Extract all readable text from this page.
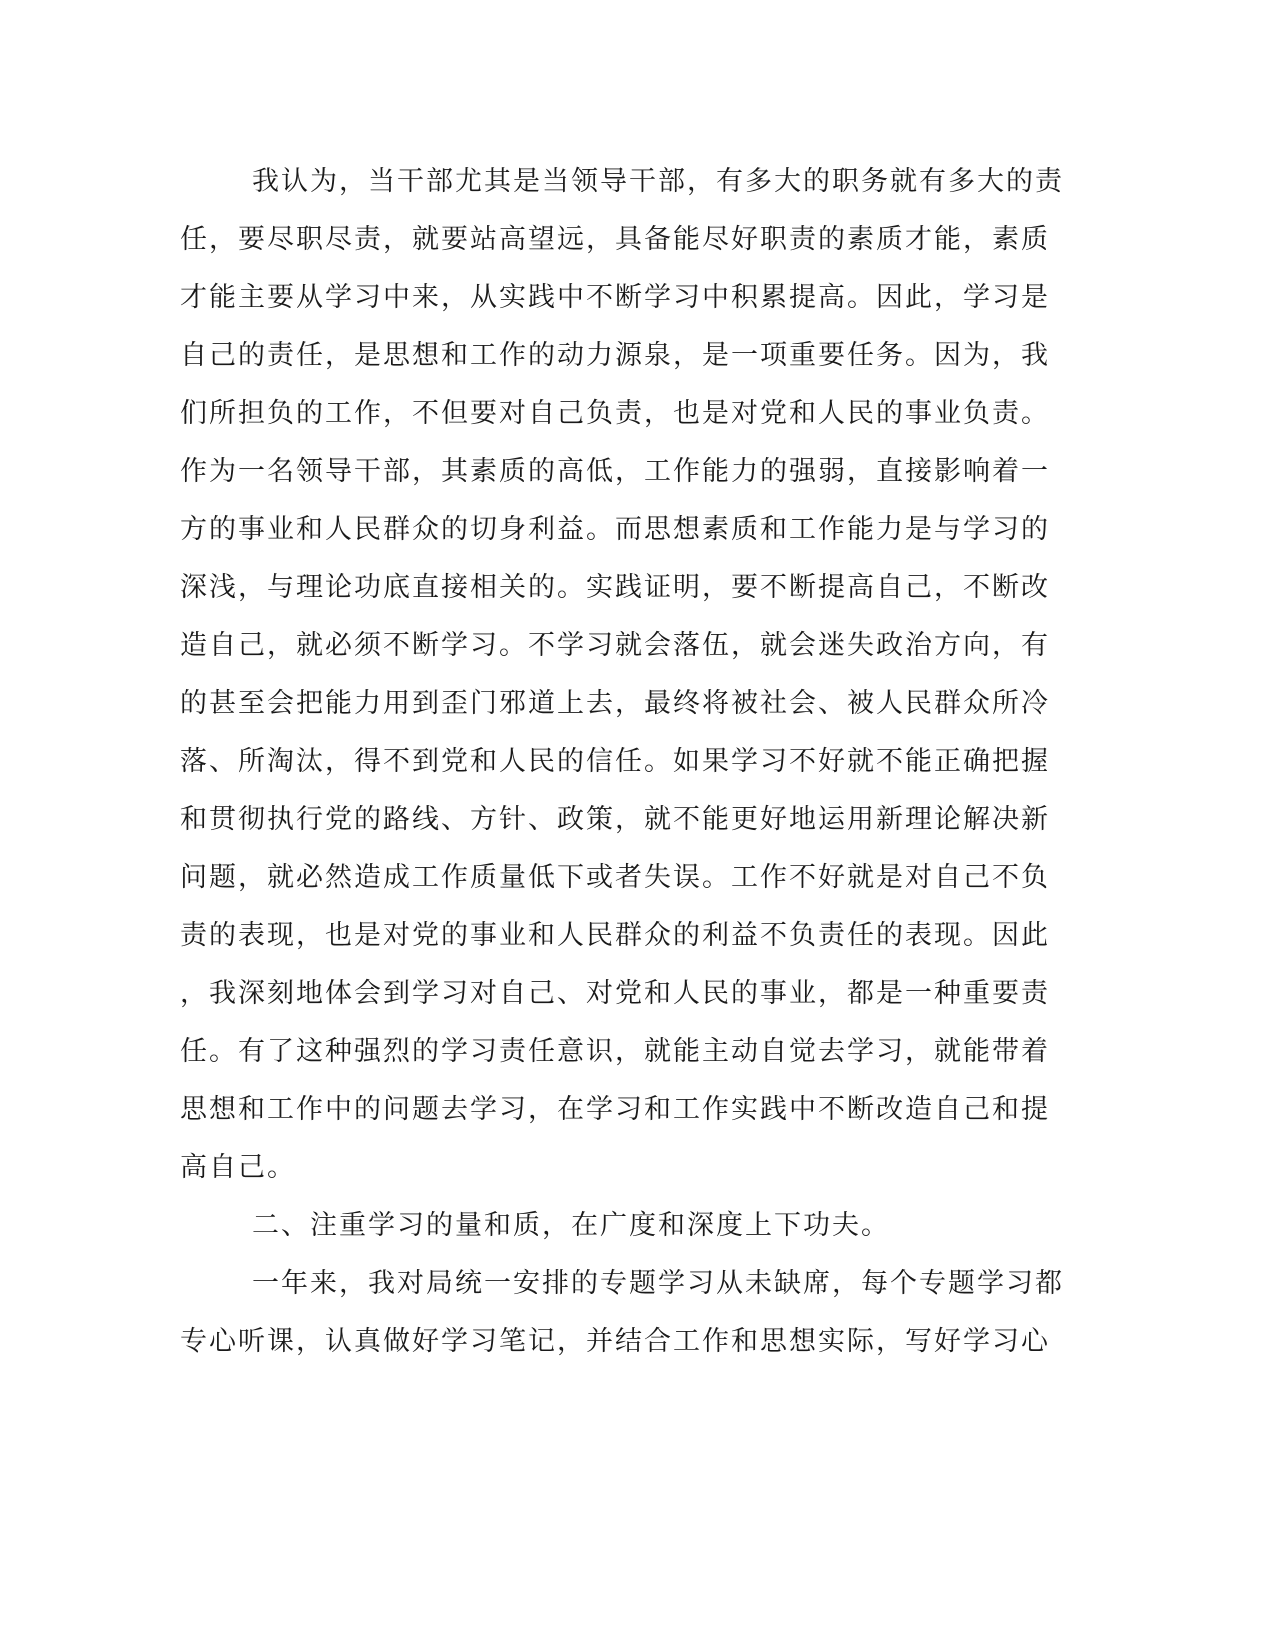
我认为，当干部尤其是当领导干部，有多大的职务就有多大的责
任，要尽职尽责，就要站高望远，具备能尽好职责的素质才能，素质
才能主要从学习中来，从实践中不断学习中积累提高。因此，学习是
自己的责任，是思想和工作的动力源泉，是一项重要任务。因为，我
们所担负的工作，不但要对自己负责，也是对党和人民的事业负责。
作为一名领导干部，其素质的高低，工作能力的强弱，直接影响着一
方的事业和人民群众的切身利益。而思想素质和工作能力是与学习的
深浅，与理论功底直接相关的。实践证明，要不断提高自己，不断改
造自己，就必须不断学习。不学习就会落伍，就会迷失政治方向，有
的甚至会把能力用到歪门邪道上去，最终将被社会、被人民群众所冷
落、所淘汰，得不到党和人民的信任。如果学习不好就不能正确把握
和贯彻执行党的路线、方针、政策，就不能更好地运用新理论解决新
问题，就必然造成工作质量低下或者失误。工作不好就是对自己不负
责的表现，也是对党的事业和人民群众的利益不负责任的表现。因此
，我深刻地体会到学习对自己、对党和人民的事业，都是一种重要责
任。有了这种强烈的学习责任意识，就能主动自觉去学习，就能带着
思想和工作中的问题去学习，在学习和工作实践中不断改造自己和提
高自己。
二、注重学习的量和质，在广度和深度上下功夫。
一年来，我对局统一安排的专题学习从未缺席，每个专题学习都
专心听课，认真做好学习笔记，并结合工作和思想实际，写好学习心
